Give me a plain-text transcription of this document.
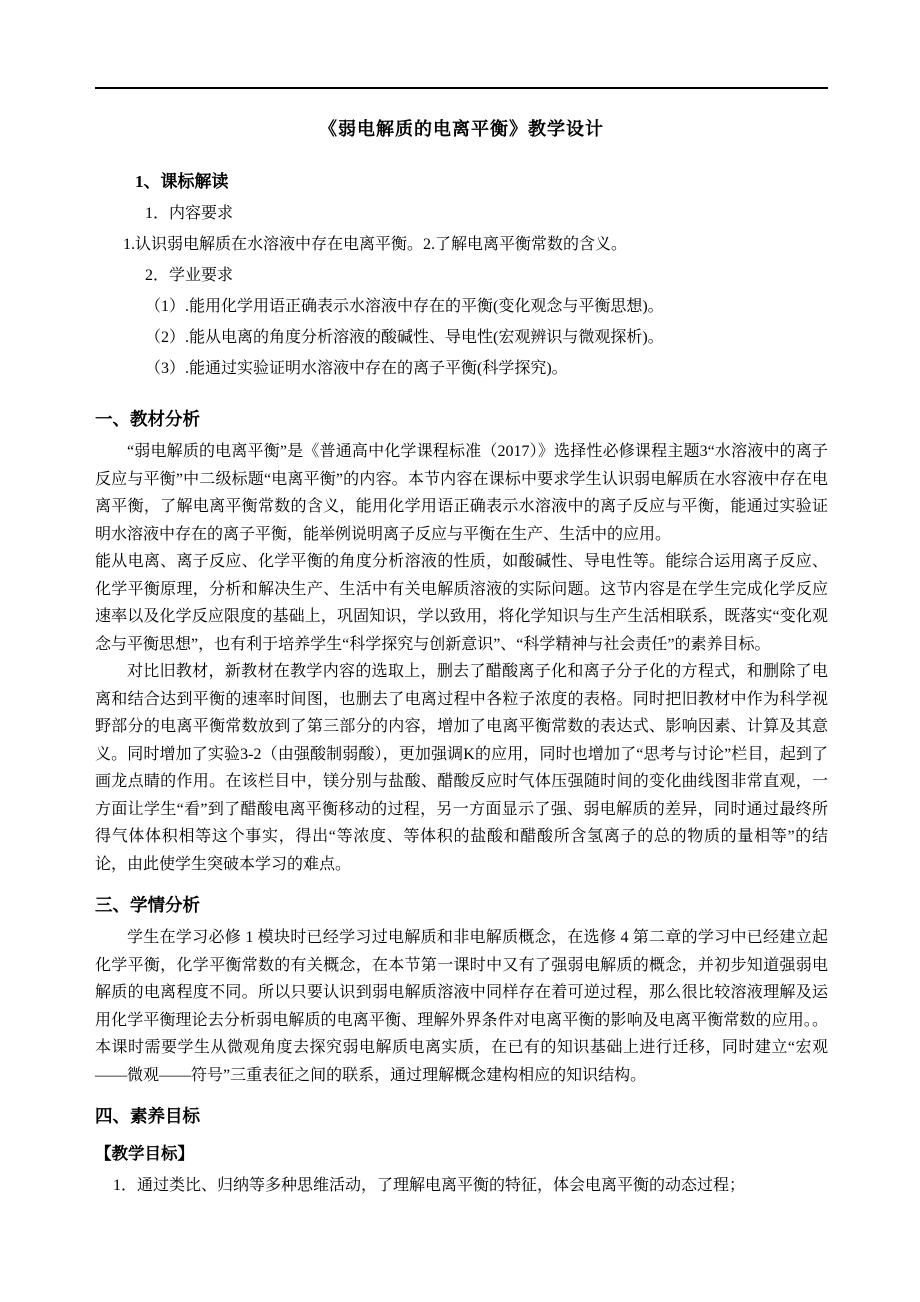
《弱电解质的电离平衡》教学设计
1、课标解读

1．内容要求

1.认识弱电解质在水溶液中存在电离平衡。2.了解电离平衡常数的含义。

2．学业要求

（1）.能用化学用语正确表示水溶液中存在的平衡(变化观念与平衡思想)。

（2）.能从电离的角度分析溶液的酸碱性、导电性(宏观辨识与微观探析)。

（3）.能通过实验证明水溶液中存在的离子平衡(科学探究)。

一、教材分析

“弱电解质的电离平衡”是《普通高中化学课程标准（2017）》选择性必修课程主题3“水溶液中的离子反应与平衡”中二级标题“电离平衡”的内容。本节内容在课标中要求学生认识弱电解质在水容液中存在电离平衡，了解电离平衡常数的含义，能用化学用语正确表示水溶液中的离子反应与平衡，能通过实验证明水溶液中存在的离子平衡，能举例说明离子反应与平衡在生产、生活中的应用。

能从电离、离子反应、化学平衡的角度分析溶液的性质，如酸碱性、导电性等。能综合运用离子反应、化学平衡原理，分析和解决生产、生活中有关电解质溶液的实际问题。这节内容是在学生完成化学反应速率以及化学反应限度的基础上，巩固知识，学以致用，将化学知识与生产生活相联系，既落实“变化观念与平衡思想”，也有利于培养学生“科学探究与创新意识”、“科学精神与社会责任”的素养目标。

对比旧教材，新教材在教学内容的选取上，删去了醋酸离子化和离子分子化的方程式，和删除了电离和结合达到平衡的速率时间图，也删去了电离过程中各粒子浓度的表格。同时把旧教材中作为科学视野部分的电离平衡常数放到了第三部分的内容，增加了电离平衡常数的表达式、影响因素、计算及其意义。同时增加了实验3-2（由强酸制弱酸），更加强调K的应用，同时也增加了“思考与讨论”栏目，起到了画龙点睛的作用。在该栏目中，镁分别与盐酸、醋酸反应时气体压强随时间的变化曲线图非常直观，一方面让学生“看”到了醋酸电离平衡移动的过程，另一方面显示了强、弱电解质的差异，同时通过最终所得气体体积相等这个事实，得出“等浓度、等体积的盐酸和醋酸所含氢离子的总的物质的量相等”的结论，由此使学生突破本学习的难点。

三、学情分析

学生在学习必修 1 模块时已经学习过电解质和非电解质概念，在选修 4 第二章的学习中已经建立起化学平衡，化学平衡常数的有关概念，在本节第一课时中又有了强弱电解质的概念，并初步知道强弱电解质的电离程度不同。所以只要认识到弱电解质溶液中同样存在着可逆过程，那么很比较溶液理解及运用化学平衡理论去分析弱电解质的电离平衡、理解外界条件对电离平衡的影响及电离平衡常数的应用。。本课时需要学生从微观角度去探究弱电解质电离实质，在已有的知识基础上进行迁移，同时建立“宏观——微观——符号”三重表征之间的联系，通过理解概念建构相应的知识结构。

四、素养目标

【教学目标】

1．通过类比、归纳等多种思维活动，了理解电离平衡的特征，体会电离平衡的动态过程；
